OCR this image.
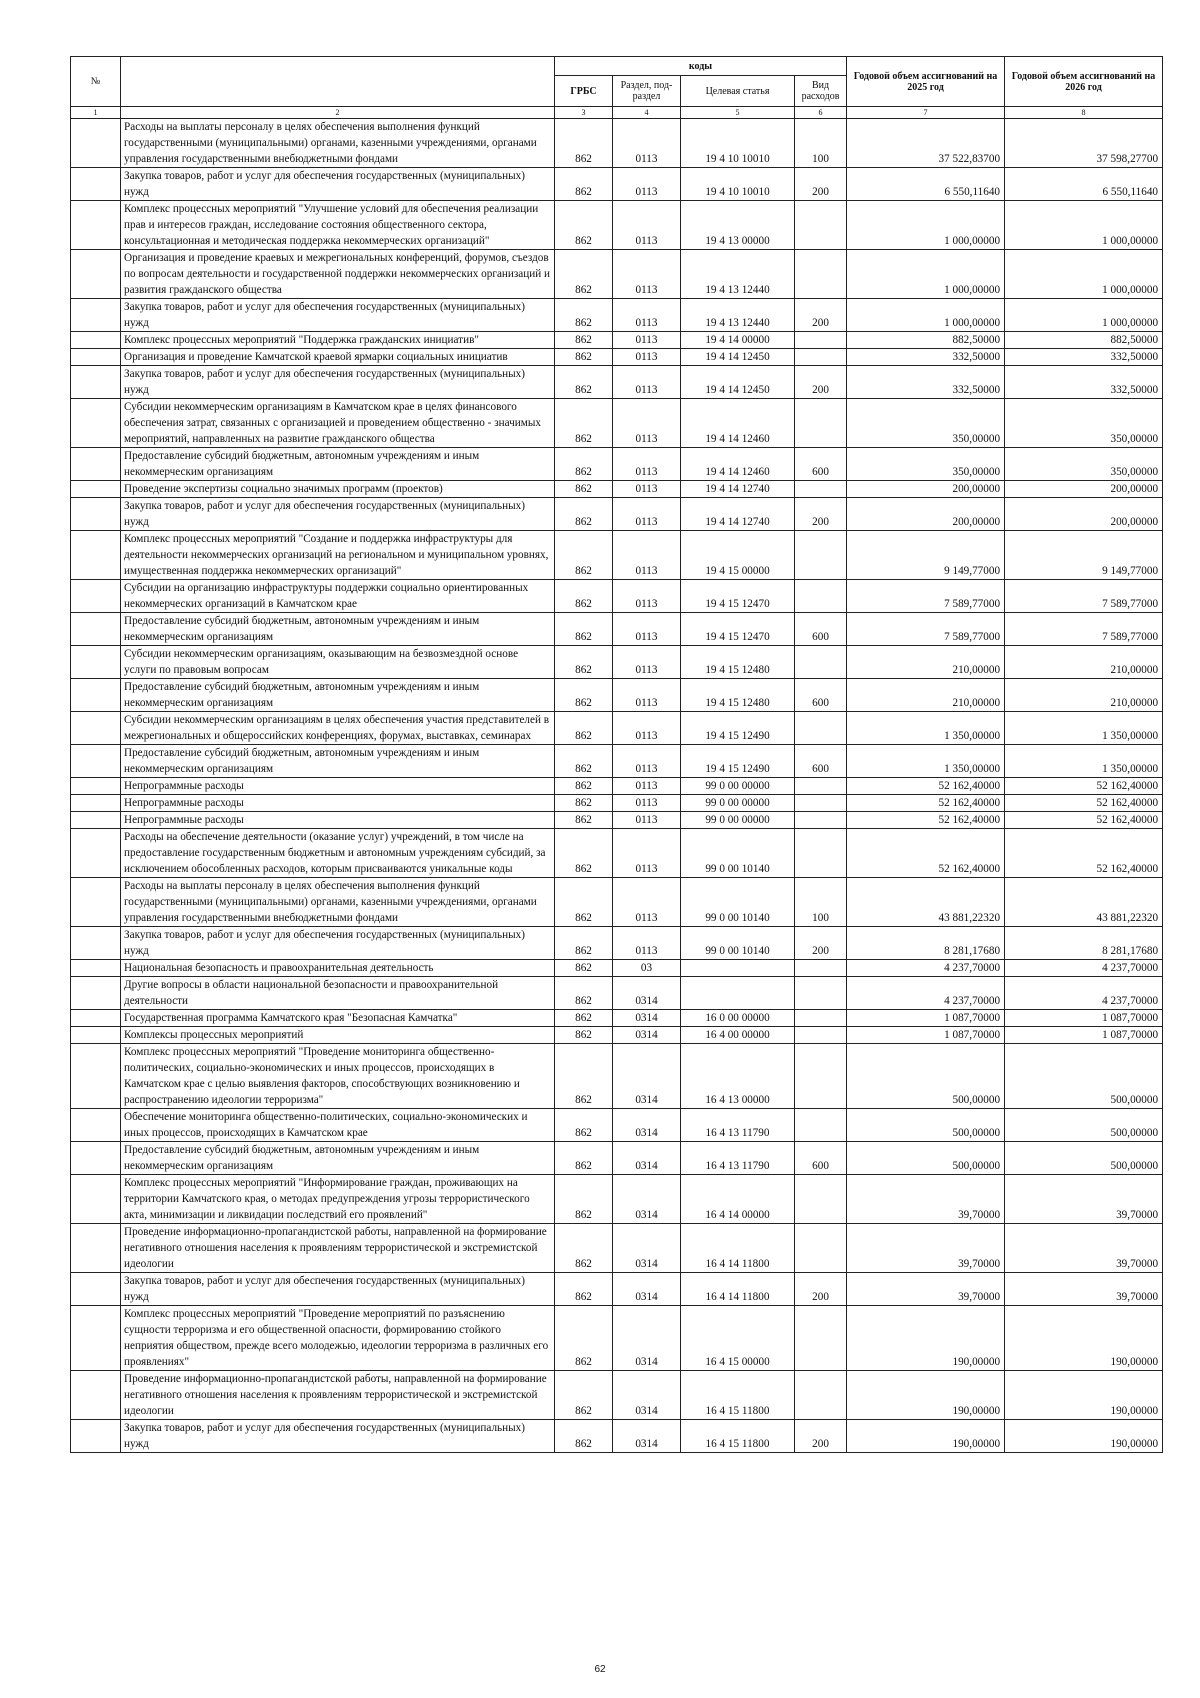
№		коды				Годовой объем ассигнований на 2025 год	Годовой объем ассигнований на 2026 год
		ГРБС	Раздел, под-раздел	Целевая статья	Вид расходов		
1	2	3	4	5	6	7	8
	Расходы на выплаты персоналу в целях обеспечения выполнения функций государственными (муниципальными) органами, казенными учреждениями, органами управления государственными внебюджетными фондами	862	0113	19 4 10 10010	100	37 522,83700	37 598,27700
	Закупка товаров, работ и услуг для обеспечения государственных (муниципальных) нужд	862	0113	19 4 10 10010	200	6 550,11640	6 550,11640
	Комплекс процессных мероприятий "Улучшение условий для обеспечения реализации прав и интересов граждан, исследование состояния общественного сектора, консультационная и методическая поддержка некоммерческих организаций"	862	0113	19 4 13 00000		1 000,00000	1 000,00000
	Организация и проведение краевых и межрегиональных конференций, форумов, съездов по вопросам деятельности и государственной поддержки некоммерческих организаций и развития гражданского общества	862	0113	19 4 13 12440		1 000,00000	1 000,00000
	Закупка товаров, работ и услуг для обеспечения государственных (муниципальных) нужд	862	0113	19 4 13 12440	200	1 000,00000	1 000,00000
	Комплекс процессных мероприятий "Поддержка гражданских инициатив"	862	0113	19 4 14 00000		882,50000	882,50000
	Организация и проведение Камчатской краевой ярмарки социальных инициатив	862	0113	19 4 14 12450		332,50000	332,50000
	Закупка товаров, работ и услуг для обеспечения государственных (муниципальных) нужд	862	0113	19 4 14 12450	200	332,50000	332,50000
	Субсидии некоммерческим организациям в Камчатском крае в целях финансового обеспечения затрат, связанных с организацией и проведением общественно - значимых мероприятий, направленных на развитие гражданского общества	862	0113	19 4 14 12460		350,00000	350,00000
	Предоставление субсидий бюджетным, автономным учреждениям и иным некоммерческим организациям	862	0113	19 4 14 12460	600	350,00000	350,00000
	Проведение экспертизы социально значимых программ (проектов)	862	0113	19 4 14 12740		200,00000	200,00000
	Закупка товаров, работ и услуг для обеспечения государственных (муниципальных) нужд	862	0113	19 4 14 12740	200	200,00000	200,00000
	Комплекс процессных мероприятий "Создание и поддержка инфраструктуры для деятельности некоммерческих организаций на региональном и муниципальном уровнях, имущественная поддержка некоммерческих организаций"	862	0113	19 4 15 00000		9 149,77000	9 149,77000
	Субсидии на организацию инфраструктуры поддержки социально ориентированных некоммерческих организаций в Камчатском крае	862	0113	19 4 15 12470		7 589,77000	7 589,77000
	Предоставление субсидий бюджетным, автономным учреждениям и иным некоммерческим организациям	862	0113	19 4 15 12470	600	7 589,77000	7 589,77000
	Субсидии некоммерческим организациям, оказывающим на безвозмездной основе услуги по правовым вопросам	862	0113	19 4 15 12480		210,00000	210,00000
	Предоставление субсидий бюджетным, автономным учреждениям и иным некоммерческим организациям	862	0113	19 4 15 12480	600	210,00000	210,00000
	Субсидии некоммерческим организациям в целях обеспечения участия представителей в межрегиональных и общероссийских конференциях, форумах, выставках, семинарах	862	0113	19 4 15 12490		1 350,00000	1 350,00000
	Предоставление субсидий бюджетным, автономным учреждениям и иным некоммерческим организациям	862	0113	19 4 15 12490	600	1 350,00000	1 350,00000
	Непрограммные расходы	862	0113	99 0 00 00000		52 162,40000	52 162,40000
	Непрограммные расходы	862	0113	99 0 00 00000		52 162,40000	52 162,40000
	Непрограммные расходы	862	0113	99 0 00 00000		52 162,40000	52 162,40000
	Расходы на обеспечение деятельности (оказание услуг) учреждений, в том числе на предоставление государственным бюджетным и автономным учреждениям субсидий, за исключением обособленных расходов, которым присваиваются уникальные коды	862	0113	99 0 00 10140		52 162,40000	52 162,40000
	Расходы на выплаты персоналу в целях обеспечения выполнения функций государственными (муниципальными) органами, казенными учреждениями, органами управления государственными внебюджетными фондами	862	0113	99 0 00 10140	100	43 881,22320	43 881,22320
	Закупка товаров, работ и услуг для обеспечения государственных (муниципальных) нужд	862	0113	99 0 00 10140	200	8 281,17680	8 281,17680
	Национальная безопасность и правоохранительная деятельность	862	03			4 237,70000	4 237,70000
	Другие вопросы в области национальной безопасности и правоохранительной деятельности	862	0314			4 237,70000	4 237,70000
	Государственная программа Камчатского края "Безопасная Камчатка"	862	0314	16 0 00 00000		1 087,70000	1 087,70000
	Комплексы процессных мероприятий	862	0314	16 4 00 00000		1 087,70000	1 087,70000
	Комплекс процессных мероприятий "Проведение мониторинга общественно-политических, социально-экономических и иных процессов, происходящих в Камчатском крае с целью выявления факторов, способствующих возникновению и распространению идеологии терроризма"	862	0314	16 4 13 00000		500,00000	500,00000
	Обеспечение мониторинга общественно-политических, социально-экономических и иных процессов, происходящих в Камчатском крае	862	0314	16 4 13 11790		500,00000	500,00000
	Предоставление субсидий бюджетным, автономным учреждениям и иным некоммерческим организациям	862	0314	16 4 13 11790	600	500,00000	500,00000
	Комплекс процессных мероприятий "Информирование граждан, проживающих на территории Камчатского края, о методах предупреждения угрозы террористического акта, минимизации и ликвидации последствий его проявлений"	862	0314	16 4 14 00000		39,70000	39,70000
	Проведение информационно-пропагандистской работы, направленной на формирование негативного отношения населения к проявлениям террористической и экстремистской идеологии	862	0314	16 4 14 11800		39,70000	39,70000
	Закупка товаров, работ и услуг для обеспечения государственных (муниципальных) нужд	862	0314	16 4 14 11800	200	39,70000	39,70000
	Комплекс процессных мероприятий "Проведение мероприятий по разъяснению сущности терроризма и его общественной опасности, формированию стойкого неприятия обществом, прежде всего молодежью, идеологии терроризма в различных его проявлениях"	862	0314	16 4 15 00000		190,00000	190,00000
	Проведение информационно-пропагандистской работы, направленной на формирование негативного отношения населения к проявлениям террористической и экстремистской идеологии	862	0314	16 4 15 11800		190,00000	190,00000
	Закупка товаров, работ и услуг для обеспечения государственных (муниципальных) нужд	862	0314	16 4 15 11800	200	190,00000	190,00000
62
